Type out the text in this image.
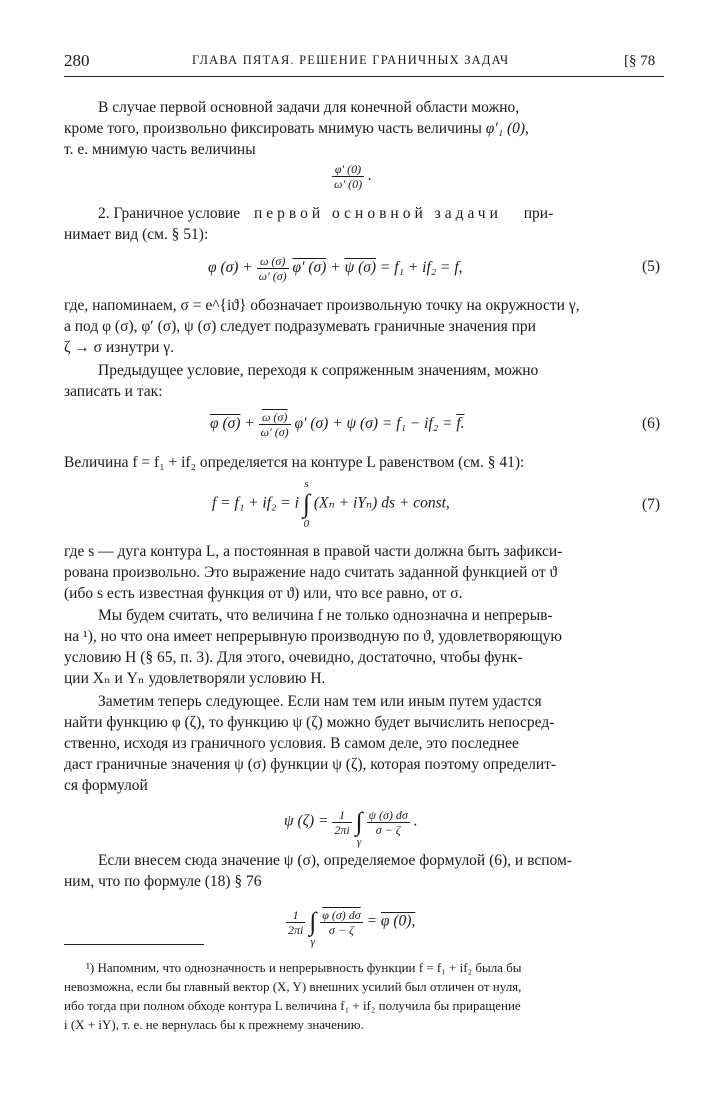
280	ГЛАВА ПЯТАЯ. РЕШЕНИЕ ГРАНИЧНЫХ ЗАДАЧ	[§ 78
В случае первой основной задачи для конечной области можно,
кроме того, произвольно фиксировать мнимую часть величины φ′₁ (0),
т. е. мнимую часть величины
$\frac{\varphi' (0)}{\omega' (0)}$ .
2. Граничное условие первой основной задачи при-
нимает вид (см. § 51):
φ $(\sigma) + \frac{\omega (\sigma)}{\omega' (\sigma)} \varphi'$ (σ) + ψ (σ) = f₁ + if₂ = f,	(5)
где, напоминаем, σ = e^{iϑ} обозначает произвольную точку на окружности γ,
а под φ (σ), φ′ (σ), ψ (σ) следует подразумевать граничные значения при
ζ → σ изнутри γ.
Предыдущее условие, переходя к сопряженным значениям, можно
записать и так:
φ $(\sigma) + \frac{\omega (\sigma)}{\omega' (\sigma)} \varphi'$ (σ) + ψ (σ) = f₁ − if₂ = f.	(6)
Величина f = f₁ + if₂ определяется на контуре L равенством (см. § 41):
f = f₁ + if₂ = i s
∫
0 (Xₙ + iYₙ) ds + const,	(7)
где s — дуга контура L, а постоянная в правой части должна быть зафикси-
рована произвольно. Это выражение надо считать заданной функцией от ϑ
(ибо s есть известная функция от ϑ) или, что все равно, от σ.
Мы будем считать, что величина f не только однозначна и непрерыв-
на ¹), но что она имеет непрерывную производную по ϑ, удовлетворяющую
условию H (§ 65, п. 3). Для этого, очевидно, достаточно, чтобы функ-
ции Xₙ и Yₙ удовлетворяли условию H.
Заметим теперь следующее. Если нам тем или иным путем удастся
найти функцию φ (ζ), то функцию ψ (ζ) можно будет вычислить непосред-
ственно, исходя из граничного условия. В самом деле, это последнее
даст граничные значения ψ (σ) функции ψ (ζ), которая поэтому определит-
ся формулой
ψ $(\zeta) = \frac{1}{2\pi i}$
∫
γ
$\frac{\psi (\sigma) d\sigma}{\sigma - \zeta}$ .
Если внесем сюда значение ψ (σ), определяемое формулой (6), и вспом-
ним, что по формуле (18) § 76
$\frac{1}{2\pi i}$
∫
γ
$\frac{\varphi (\sigma) d\sigma}{\sigma - \zeta} = \varphi$ (0),
¹) Напомним, что однозначность и непрерывность функции f = f₁ + if₂ была бы
невозможна, если бы главный вектор (X, Y) внешних усилий был отличен от нуля,
ибо тогда при полном обходе контура L величина f₁ + if₂ получила бы приращение
i (X + iY), т. е. не вернулась бы к прежнему значению.
